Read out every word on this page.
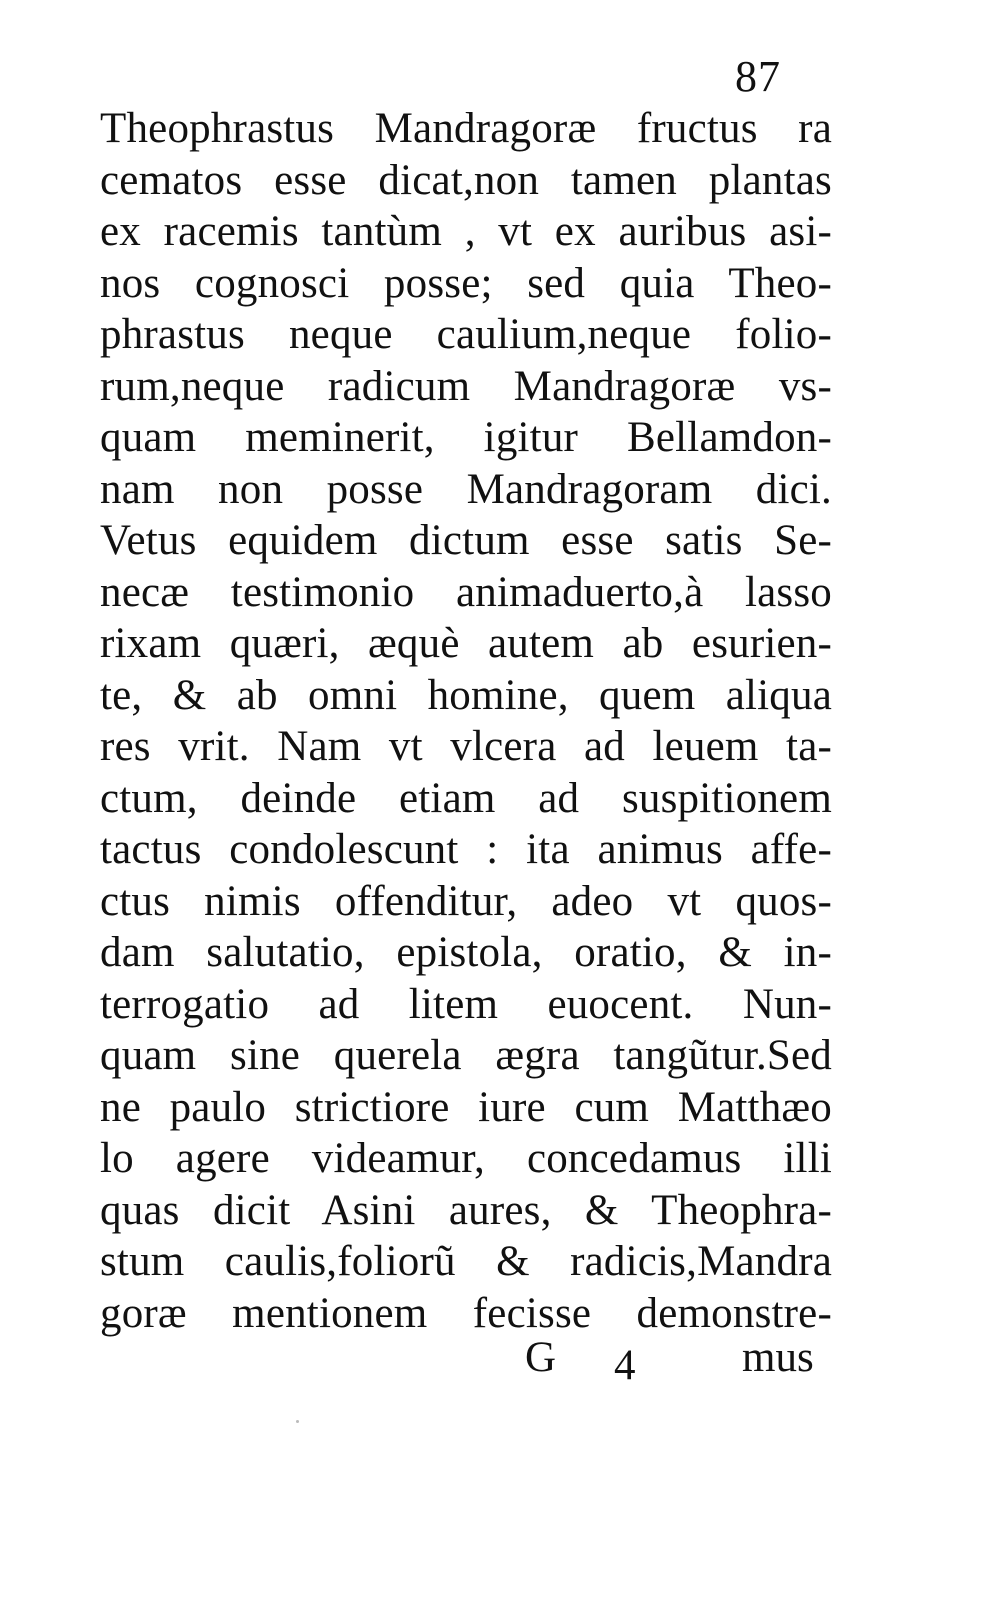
87
Theophrastus Mandragoræ fructus ra
cematos esse dicat,non tamen plantas
ex racemis tantùm , vt ex auribus asi-
nos cognosci posse; sed quia Theo-
phrastus neque caulium,neque folio-
rum,neque radicum Mandragoræ vs-
quam meminerit, igitur Bellamdon-
nam non posse Mandragoram dici.
Vetus equidem dictum esse satis Se-
necæ testimonio animaduerto,à lasso
rixam quæri, æquè autem ab esurien-
te, & ab omni homine, quem aliqua
res vrit. Nam vt vlcera ad leuem ta-
ctum, deinde etiam ad suspitionem
tactus condolescunt : ita animus affe-
ctus nimis offenditur, adeo vt quos-
dam salutatio, epistola, oratio, & in-
terrogatio ad litem euocent. Nun-
quam sine querela ægra tangũtur.Sed
ne paulo strictiore iure cum Matthæo
lo agere videamur, concedamus illi
quas dicit Asini aures, & Theophra-
stum caulis,foliorũ & radicis,Mandra
goræ mentionem fecisse demonstre-
G 4 mus
